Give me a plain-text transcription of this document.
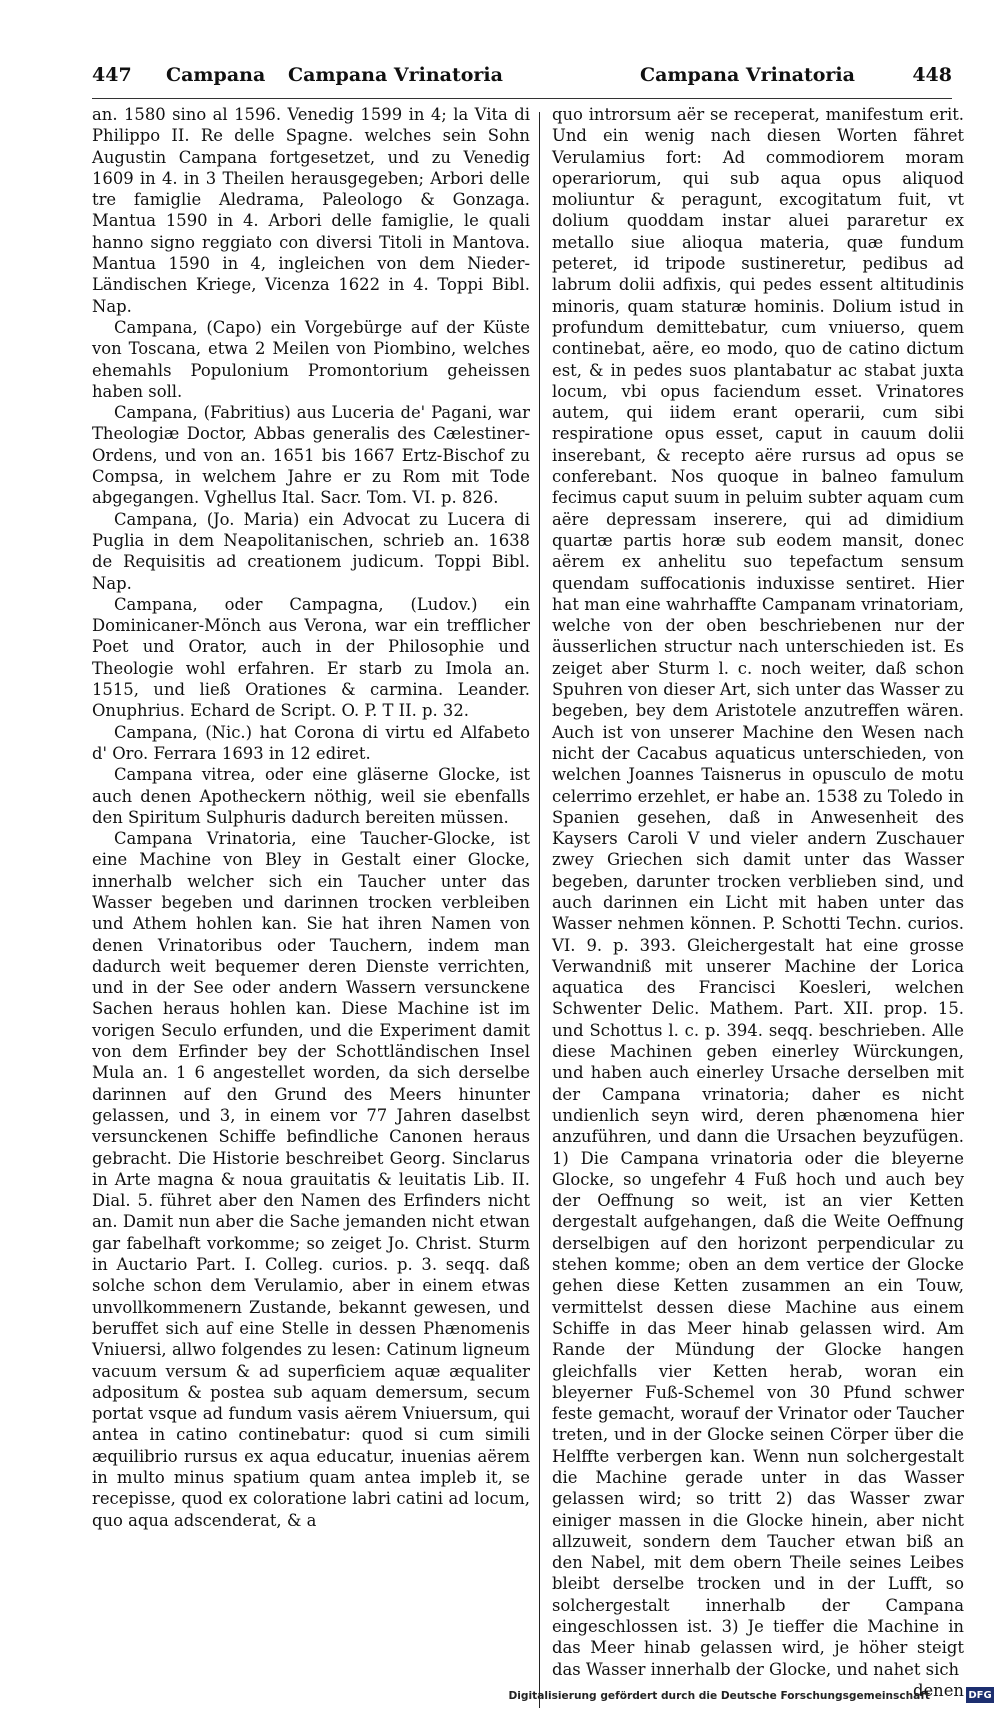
447 Campana Campana Vrinatoria	Campana Vrinatoria	448

an. 1580 sino al 1596. Venedig 1599 in 4; la Vita di Philippo II. Re delle Spagne. welches sein Sohn Augustin Campana fortgesetzet, und zu Venedig 1609 in 4. in 3 Theilen herausgegeben; Arbori delle tre famiglie Aledrama, Paleologo & Gonzaga. Mantua 1590 in 4. Arbori delle famiglie, le quali hanno signo reggiato con diversi Titoli in Mantova. Mantua 1590 in 4, ingleichen von dem Nieder-Ländischen Kriege, Vicenza 1622 in 4. Toppi Bibl. Nap.

Campana, (Capo) ein Vorgebürge auf der Küste von Toscana, etwa 2 Meilen von Piombino, welches ehemahls Populonium Promontorium geheissen haben soll.

Campana, (Fabritius) aus Luceria de' Pagani, war Theologiæ Doctor, Abbas generalis des Cælestiner-Ordens, und von an. 1651 bis 1667 Ertz-Bischof zu Compsa, in welchem Jahre er zu Rom mit Tode abgegangen. Vghellus Ital. Sacr. Tom. VI. p. 826.

Campana, (Jo. Maria) ein Advocat zu Lucera di Puglia in dem Neapolitanischen, schrieb an. 1638 de Requisitis ad creationem judicum. Toppi Bibl. Nap.

Campana, oder Campagna, (Ludov.) ein Dominicaner-Mönch aus Verona, war ein trefflicher Poet und Orator, auch in der Philosophie und Theologie wohl erfahren. Er starb zu Imola an. 1515, und ließ Orationes & carmina. Leander. Onuphrius. Echard de Script. O. P. T II. p. 32.

Campana, (Nic.) hat Corona di virtu ed Alfabeto d' Oro. Ferrara 1693 in 12 ediret.

Campana vitrea, oder eine gläserne Glocke, ist auch denen Apotheckern nöthig, weil sie ebenfalls den Spiritum Sulphuris dadurch bereiten müssen.

Campana Vrinatoria, eine Taucher-Glocke, ist eine Machine von Bley in Gestalt einer Glocke, innerhalb welcher sich ein Taucher unter das Wasser begeben und darinnen trocken verbleiben und Athem hohlen kan. Sie hat ihren Namen von denen Vrinatoribus oder Tauchern, indem man dadurch weit bequemer deren Dienste verrichten, und in der See oder andern Wassern versunckene Sachen heraus hohlen kan. Diese Machine ist im vorigen Seculo erfunden, und die Experiment damit von dem Erfinder bey der Schottländischen Insel Mula an. 1 6 angestellet worden, da sich derselbe darinnen auf den Grund des Meers hinunter gelassen, und 3, in einem vor 77 Jahren daselbst versunckenen Schiffe befindliche Canonen heraus gebracht. Die Historie beschreibet Georg. Sinclarus in Arte magna & noua grauitatis & leuitatis Lib. II. Dial. 5. führet aber den Namen des Erfinders nicht an. Damit nun aber die Sache jemanden nicht etwan gar fabelhaft vorkomme; so zeiget Jo. Christ. Sturm in Auctario Part. I. Colleg. curios. p. 3. seqq. daß solche schon dem Verulamio, aber in einem etwas unvollkommenern Zustande, bekannt gewesen, und beruffet sich auf eine Stelle in dessen Phænomenis Vniuersi, allwo folgendes zu lesen: Catinum ligneum vacuum versum & ad superficiem aquæ æqualiter adpositum & postea sub aquam demersum, secum portat vsque ad fundum vasis aërem Vniuersum, qui antea in catino continebatur: quod si cum simili æquilibrio rursus ex aqua educatur, inuenias aërem in multo minus spatium quam antea impleb it, se recepisse, quod ex coloratione labri catini ad locum, quo aqua adscenderat, & a

quo introrsum aër se receperat, manifestum erit. Und ein wenig nach diesen Worten fähret Verulamius fort: Ad commodiorem moram operariorum, qui sub aqua opus aliquod moliuntur & peragunt, excogitatum fuit, vt dolium quoddam instar aluei pararetur ex metallo siue alioqua materia, quæ fundum peteret, id tripode sustineretur, pedibus ad labrum dolii adfixis, qui pedes essent altitudinis minoris, quam staturæ hominis. Dolium istud in profundum demittebatur, cum vniuerso, quem continebat, aëre, eo modo, quo de catino dictum est, & in pedes suos plantabatur ac stabat juxta locum, vbi opus faciendum esset. Vrinatores autem, qui iidem erant operarii, cum sibi respiratione opus esset, caput in cauum dolii inserebant, & recepto aëre rursus ad opus se conferebant. Nos quoque in balneo famulum fecimus caput suum in peluim subter aquam cum aëre depressam inserere, qui ad dimidium quartæ partis horæ sub eodem mansit, donec aërem ex anhelitu suo tepefactum sensum quendam suffocationis induxisse sentiret. Hier hat man eine wahrhaffte Campanam vrinatoriam, welche von der oben beschriebenen nur der äusserlichen structur nach unterschieden ist. Es zeiget aber Sturm l. c. noch weiter, daß schon Spuhren von dieser Art, sich unter das Wasser zu begeben, bey dem Aristotele anzutreffen wären. Auch ist von unserer Machine den Wesen nach nicht der Cacabus aquaticus unterschieden, von welchen Joannes Taisnerus in opusculo de motu celerrimo erzehlet, er habe an. 1538 zu Toledo in Spanien gesehen, daß in Anwesenheit des Kaysers Caroli V und vieler andern Zuschauer zwey Griechen sich damit unter das Wasser begeben, darunter trocken verblieben sind, und auch darinnen ein Licht mit haben unter das Wasser nehmen können. P. Schotti Techn. curios. VI. 9. p. 393. Gleichergestalt hat eine grosse Verwandniß mit unserer Machine der Lorica aquatica des Francisci Koesleri, welchen Schwenter Delic. Mathem. Part. XII. prop. 15. und Schottus l. c. p. 394. seqq. beschrieben. Alle diese Machinen geben einerley Würckungen, und haben auch einerley Ursache derselben mit der Campana vrinatoria; daher es nicht undienlich seyn wird, deren phænomena hier anzuführen, und dann die Ursachen beyzufügen. 1) Die Campana vrinatoria oder die bleyerne Glocke, so ungefehr 4 Fuß hoch und auch bey der Oeffnung so weit, ist an vier Ketten dergestalt aufgehangen, daß die Weite Oeffnung derselbigen auf den horizont perpendicular zu stehen komme; oben an dem vertice der Glocke gehen diese Ketten zusammen an ein Touw, vermittelst dessen diese Machine aus einem Schiffe in das Meer hinab gelassen wird. Am Rande der Mündung der Glocke hangen gleichfalls vier Ketten herab, woran ein bleyerner Fuß-Schemel von 30 Pfund schwer feste gemacht, worauf der Vrinator oder Taucher treten, und in der Glocke seinen Cörper über die Helffte verbergen kan. Wenn nun solchergestalt die Machine gerade unter in das Wasser gelassen wird; so tritt 2) das Wasser zwar einiger massen in die Glocke hinein, aber nicht allzuweit, sondern dem Taucher etwan biß an den Nabel, mit dem obern Theile seines Leibes bleibt derselbe trocken und in der Lufft, so solchergestalt innerhalb der Campana eingeschlossen ist. 3) Je tieffer die Machine in das Meer hinab gelassen wird, je höher steigt das Wasser innerhalb der Glocke, und nahet sich

denen

Digitalisierung gefördert durch die Deutsche Forschungsgemeinschaft	DFG
